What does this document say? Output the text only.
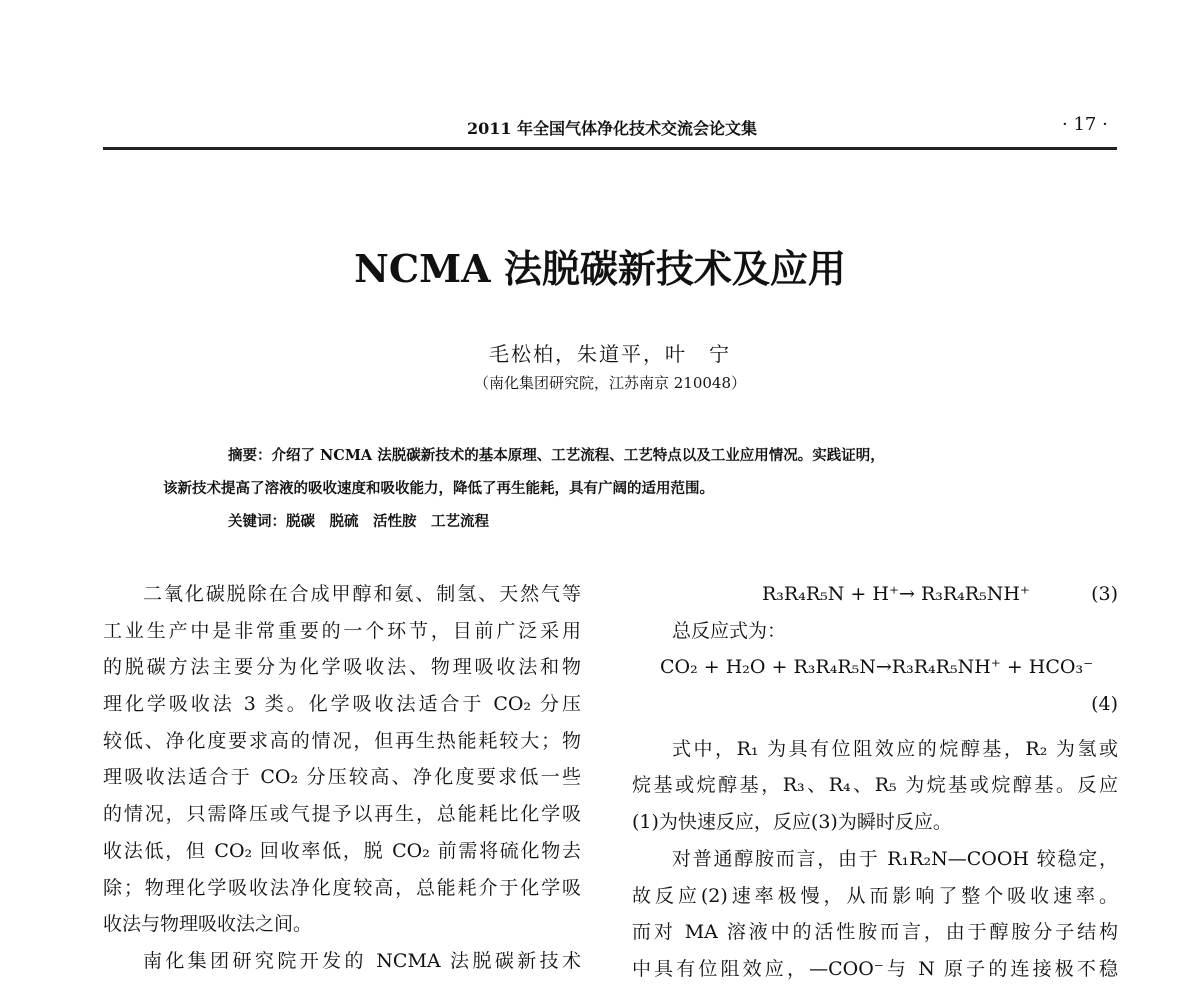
2011 年全国气体净化技术交流会论文集	· 17 ·
NCMA 法脱碳新技术及应用
毛松柏，朱道平，叶　宁
（南化集团研究院，江苏南京 210048）
摘要：介绍了 NCMA 法脱碳新技术的基本原理、工艺流程、工艺特点以及工业应用情况。实践证明，
该新技术提高了溶液的吸收速度和吸收能力，降低了再生能耗，具有广阔的适用范围。
关键词：脱碳　脱硫　活性胺　工艺流程
二氧化碳脱除在合成甲醇和氨、制氢、天然气等
工业生产中是非常重要的一个环节，目前广泛采用
的脱碳方法主要分为化学吸收法、物理吸收法和物
理化学吸收法 3 类。化学吸收法适合于 CO₂ 分压
较低、净化度要求高的情况，但再生热能耗较大；物
理吸收法适合于 CO₂ 分压较高、净化度要求低一些
的情况，只需降压或气提予以再生，总能耗比化学吸
收法低，但 CO₂ 回收率低，脱 CO₂ 前需将硫化物去
除；物理化学吸收法净化度较高，总能耗介于化学吸
收法与物理吸收法之间。
南化集团研究院开发的 NCMA 法脱碳新技术
R₃R₄R₅N + H⁺→ R₃R₄R₅NH⁺	(3)
总反应式为：
CO₂ + H₂O + R₃R₄R₅N→R₃R₄R₅NH⁺ + HCO₃⁻
(4)
式中，R₁ 为具有位阻效应的烷醇基，R₂ 为氢或
烷基或烷醇基，R₃、R₄、R₅ 为烷基或烷醇基。反应
(1)为快速反应，反应(3)为瞬时反应。
对普通醇胺而言，由于 R₁R₂N—COOH 较稳定，
故反应(2)速率极慢，从而影响了整个吸收速率。
而对 MA 溶液中的活性胺而言，由于醇胺分子结构
中具有位阻效应，—COO⁻与 N 原子的连接极不稳
